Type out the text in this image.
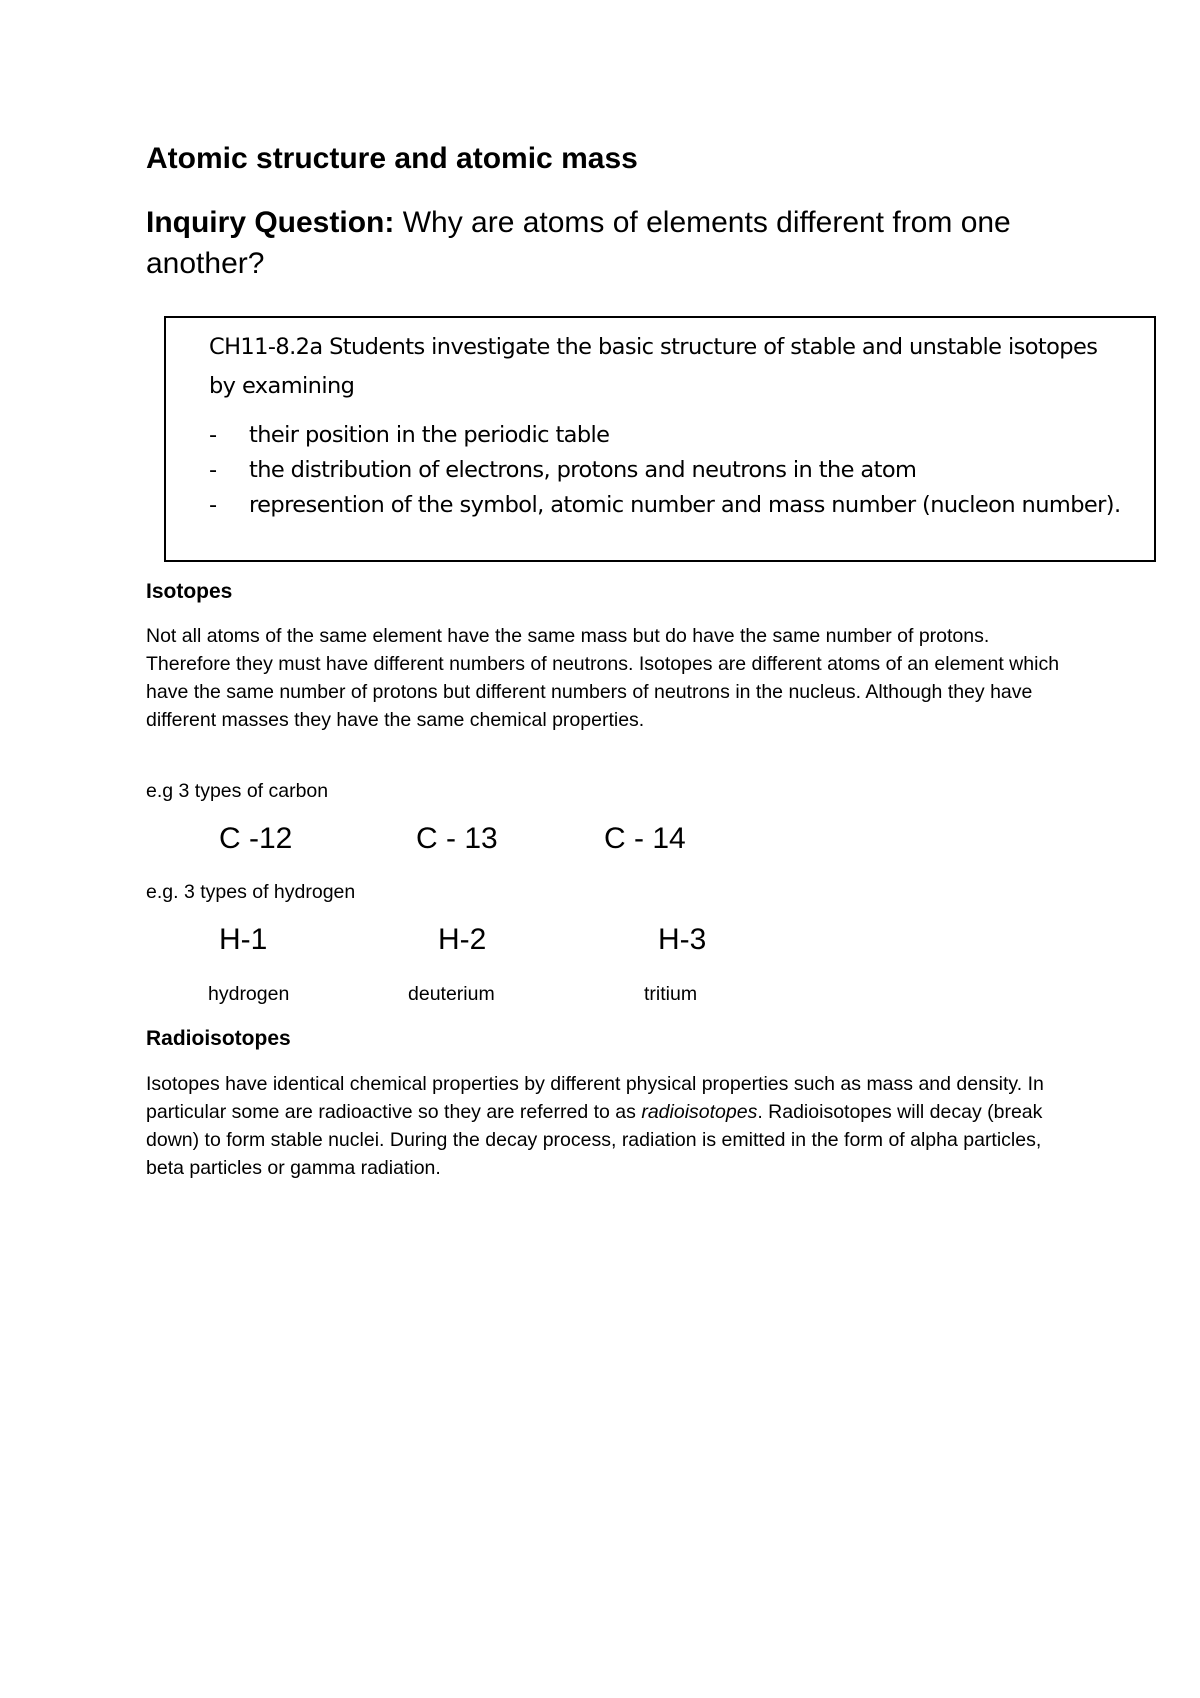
Atomic structure and atomic mass
Inquiry Question: Why are atoms of elements different from one another?
CH11-8.2a Students investigate the basic structure of stable and unstable isotopes by examining
- their position in the periodic table
- the distribution of electrons, protons and neutrons in the atom
- represention of the symbol, atomic number and mass number (nucleon number).
Isotopes
Not all atoms of the same element have the same mass but do have the same number of protons. Therefore they must have different numbers of neutrons. Isotopes are different atoms of an element which have the same number of protons but different numbers of neutrons in the nucleus. Although they have different masses they have the same chemical properties.
e.g 3 types of carbon
C -12	C - 13	C - 14
e.g. 3 types of hydrogen
H-1	H-2	H-3
hydrogen	deuterium	tritium
Radioisotopes
Isotopes have identical chemical properties by different physical properties such as mass and density. In particular some are radioactive so they are referred to as radioisotopes. Radioisotopes will decay (break down) to form stable nuclei. During the decay process, radiation is emitted in the form of alpha particles, beta particles or gamma radiation.
